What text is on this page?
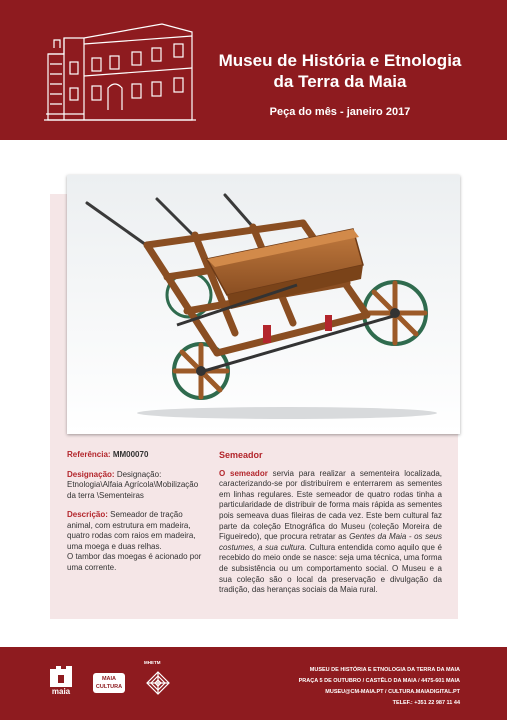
Museu de História e Etnologia da Terra da Maia
Peça do mês - janeiro 2017

Referência: MM00070

Designação: Designação: Etnologia\Alfaia Agrícola\Mobilização da terra \Sementeiras

Descrição: Semeador de tração animal, com estrutura em madeira, quatro rodas com raios em madeira, uma moega e duas relhas.

O tambor das moegas é acionado por uma corrente.

Semeador

O semeador servia para realizar a sementeira localizada, caracterizando-se por distribuírem e enterrarem as sementes em linhas regulares. Este semeador de quatro rodas tinha a particularidade de distribuir de forma mais rápida as sementes pois semeava duas fileiras de cada vez. Este bem cultural faz parte da coleção Etnográfica do Museu (coleção Moreira de Figueiredo), que procura retratar as Gentes da Maia - os seus costumes, a sua cultura. Cultura entendida como aquilo que é recebido do meio onde se nasce: seja uma técnica, uma forma de subsistência ou um comportamento social. O Museu e a sua coleção são o local da preservação e divulgação da tradição, das heranças sociais da Maia rural.

maia
MAIA CULTURA
MHETM
MUSEU DE HISTÓRIA E ETNOLOGIA DA TERRA DA MAIA
PRAÇA 5 DE OUTUBRO / CASTÊLO DA MAIA / 4475-601 MAIA
MUSEU@CM-MAIA.PT / CULTURA.MAIADIGITAL.PT
TELEF.: +351 22 987 11 44
